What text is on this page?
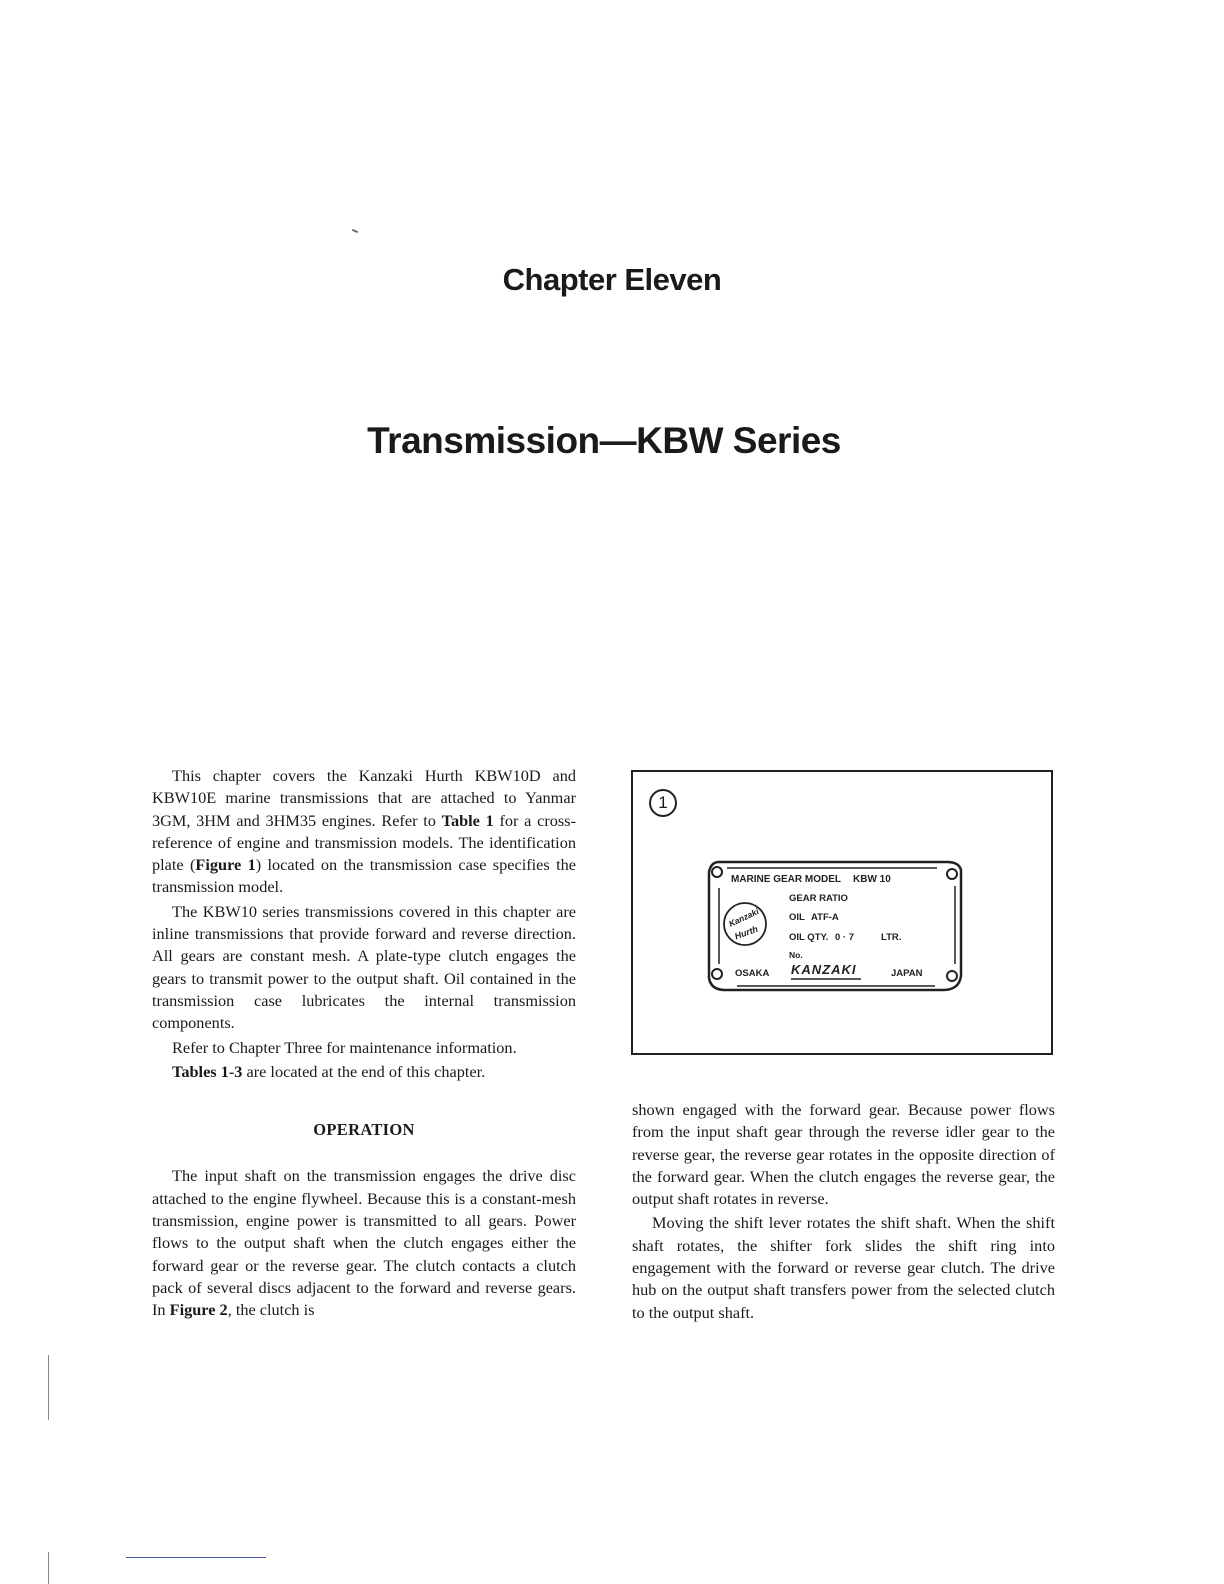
Chapter Eleven
Transmission—KBW Series

This chapter covers the Kanzaki Hurth KBW10D and KBW10E marine transmissions that are attached to Yanmar 3GM, 3HM and 3HM35 engines. Refer to Table 1 for a cross-reference of engine and transmission models. The identification plate (Figure 1) located on the transmission case specifies the transmission model.

The KBW10 series transmissions covered in this chapter are inline transmissions that provide forward and reverse direction. All gears are constant mesh. A plate-type clutch engages the gears to transmit power to the output shaft. Oil contained in the transmission case lubricates the internal transmission components.

Refer to Chapter Three for maintenance information.

Tables 1-3 are located at the end of this chapter.

OPERATION

The input shaft on the transmission engages the drive disc attached to the engine flywheel. Because this is a constant-mesh transmission, engine power is transmitted to all gears. Power flows to the output shaft when the clutch engages either the forward gear or the reverse gear. The clutch contacts a clutch pack of several discs adjacent to the forward and reverse gears. In Figure 2, the clutch is

1
MARINE GEAR MODEL KBW 10
GEAR RATIO
OIL ATF-A
OIL QTY. 0 · 7	LTR.
No.
OSAKA KANZAKI	JAPAN
Kanzaki
Hurth

shown engaged with the forward gear. Because power flows from the input shaft gear through the reverse idler gear to the reverse gear, the reverse gear rotates in the opposite direction of the forward gear. When the clutch engages the reverse gear, the output shaft rotates in reverse.

Moving the shift lever rotates the shift shaft. When the shift shaft rotates, the shifter fork slides the shift ring into engagement with the forward or reverse gear clutch. The drive hub on the output shaft transfers power from the selected clutch to the output shaft.
